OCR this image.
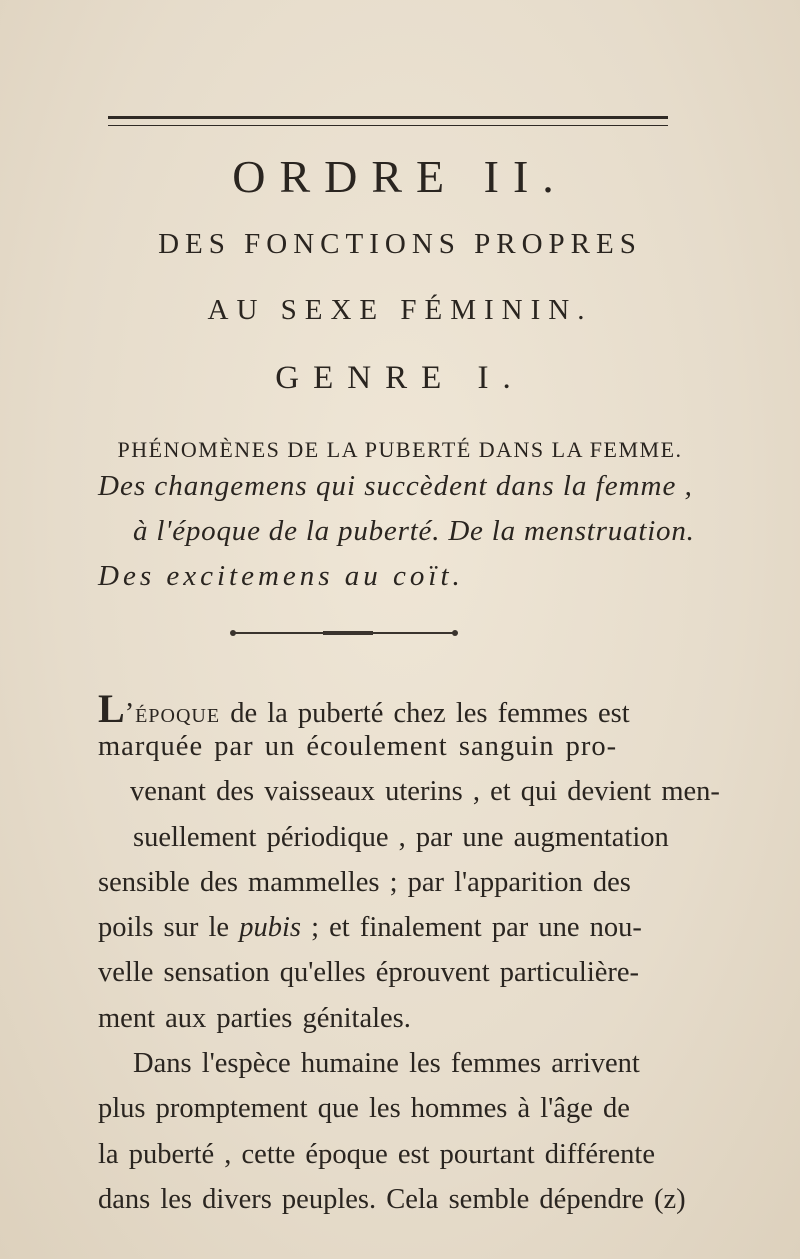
ORDRE II.
DES FONCTIONS PROPRES
AU SEXE FÉMININ.
GENRE I.
PHÉNOMÈNES DE LA PUBERTÉ DANS LA FEMME.
Des changemens qui succèdent dans la femme ,
à l'époque de la puberté. De la menstruation.
Des excitemens au coït.
L’époque de la puberté chez les femmes est
marquée par un écoulement sanguin pro-
venant des vaisseaux uterins , et qui devient men-
suellement périodique , par une augmentation
sensible des mammelles ; par l'apparition des
poils sur le pubis ; et finalement par une nou-
velle sensation qu'elles éprouvent particulière-
ment aux parties génitales.
Dans l'espèce humaine les femmes arrivent
plus promptement que les hommes à l'âge de
la puberté , cette époque est pourtant différente
dans les divers peuples. Cela semble dépendre (z)
